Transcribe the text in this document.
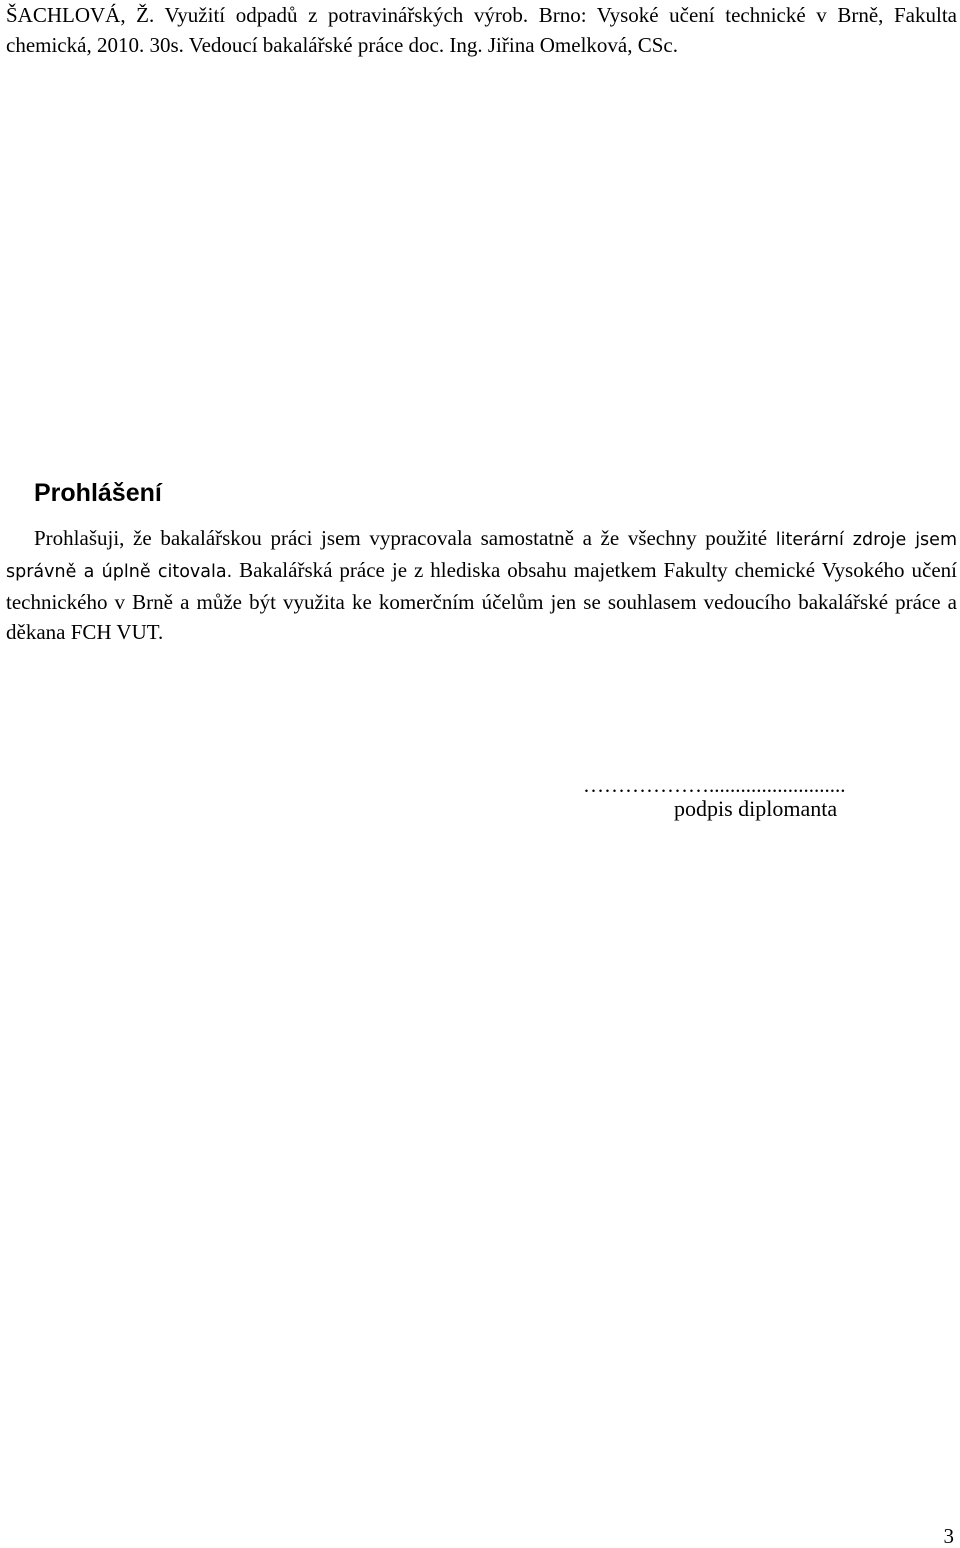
ŠACHLOVÁ, Ž. Využití odpadů z potravinářských výrob. Brno: Vysoké učení technické v Brně, Fakulta chemická, 2010. 30s. Vedoucí bakalářské práce doc. Ing. Jiřina Omelková, CSc.

Prohlášení

Prohlašuji, že bakalářskou práci jsem vypracovala samostatně a že všechny použité literární zdroje jsem správně a úplně citovala. Bakalářská práce je z hlediska obsahu majetkem Fakulty chemické Vysokého učení technického v Brně a může být využita ke komerčním účelům jen se souhlasem vedoucího bakalářské práce a děkana FCH VUT.

………………..........................

podpis diplomanta

3
